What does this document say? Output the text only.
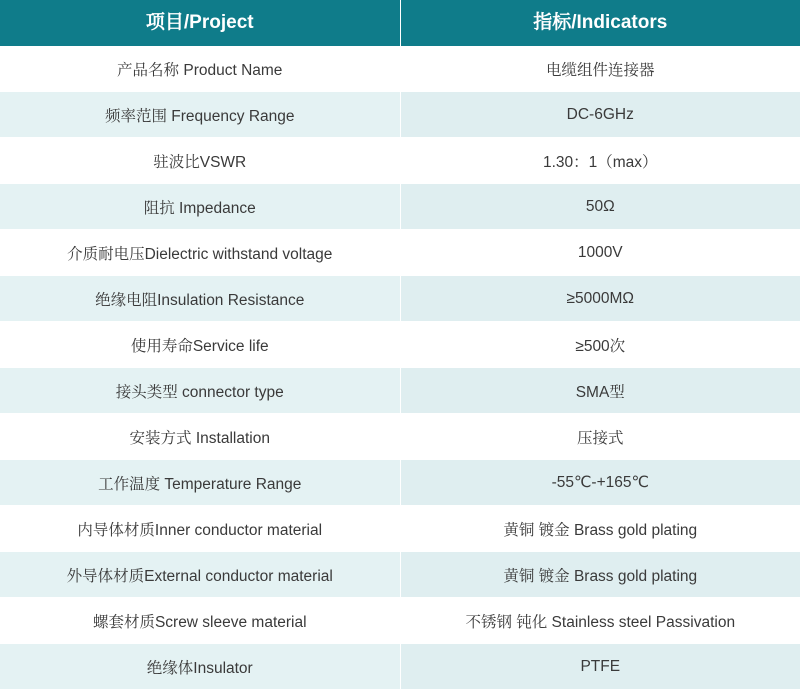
项目/Project	指标/Indicators
产品名称 Product Name	电缆组件连接器
频率范围 Frequency Range	DC-6GHz
驻波比VSWR	1.30：1（max）
阻抗 Impedance	50Ω
介质耐电压Dielectric withstand voltage	1000V
绝缘电阻Insulation Resistance	≥5000MΩ
使用寿命Service life	≥500次
接头类型 connector type	SMA型
安装方式 Installation	压接式
工作温度 Temperature Range	-55℃-+165℃
内导体材质Inner conductor material	黄铜 镀金 Brass gold plating
外导体材质External conductor material	黄铜 镀金 Brass gold plating
螺套材质Screw sleeve material	不锈钢 钝化 Stainless steel Passivation
绝缘体Insulator	PTFE
